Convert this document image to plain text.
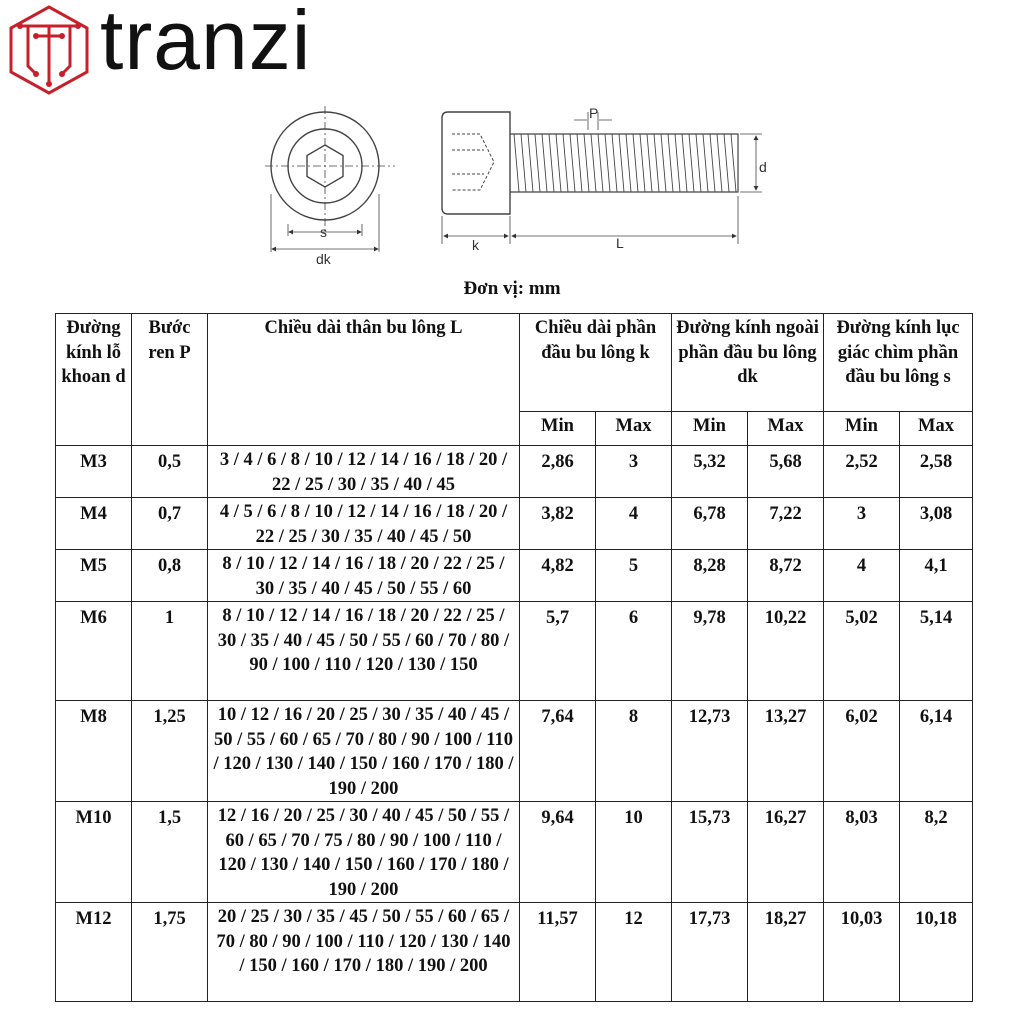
tranzi
s
dk
P
d
k	L
Đơn vị: mm
Đường kính lỗ khoan d	Bước ren P	Chiều dài thân bu lông L	Chiều dài phần đầu bu lông k		Đường kính ngoài phần đầu bu lông dk		Đường kính lục giác chìm phần đầu bu lông s	
			Min	Max	Min	Max	Min	Max
M3	0,5	3 / 4 / 6 / 8 / 10 / 12 / 14 / 16 / 18 / 20 / 22 / 25 / 30 / 35 / 40 / 45	2,86	3	5,32	5,68	2,52	2,58
M4	0,7	4 / 5 / 6 / 8 / 10 / 12 / 14 / 16 / 18 / 20 / 22 / 25 / 30 / 35 / 40 / 45 / 50	3,82	4	6,78	7,22	3	3,08
M5	0,8	8 / 10 / 12 / 14 / 16 / 18 / 20 / 22 / 25 / 30 / 35 / 40 / 45 / 50 / 55 / 60	4,82	5	8,28	8,72	4	4,1
M6	1	8 / 10 / 12 / 14 / 16 / 18 / 20 / 22 / 25 / 30 / 35 / 40 / 45 / 50 / 55 / 60 / 70 / 80 / 90 / 100 / 110 / 120 / 130 / 150	5,7	6	9,78	10,22	5,02	5,14
M8	1,25	10 / 12 / 16 / 20 / 25 / 30 / 35 / 40 / 45 / 50 / 55 / 60 / 65 / 70 / 80 / 90 / 100 / 110 / 120 / 130 / 140 / 150 / 160 / 170 / 180 / 190 / 200	7,64	8	12,73	13,27	6,02	6,14
M10	1,5	12 / 16 / 20 / 25 / 30 / 40 / 45 / 50 / 55 / 60 / 65 / 70 / 75 / 80 / 90 / 100 / 110 / 120 / 130 / 140 / 150 / 160 / 170 / 180 / 190 / 200	9,64	10	15,73	16,27	8,03	8,2
M12	1,75	20 / 25 / 30 / 35 / 45 / 50 / 55 / 60 / 65 / 70 / 80 / 90 / 100 / 110 / 120 / 130 / 140 / 150 / 160 / 170 / 180 / 190 / 200	11,57	12	17,73	18,27	10,03	10,18
